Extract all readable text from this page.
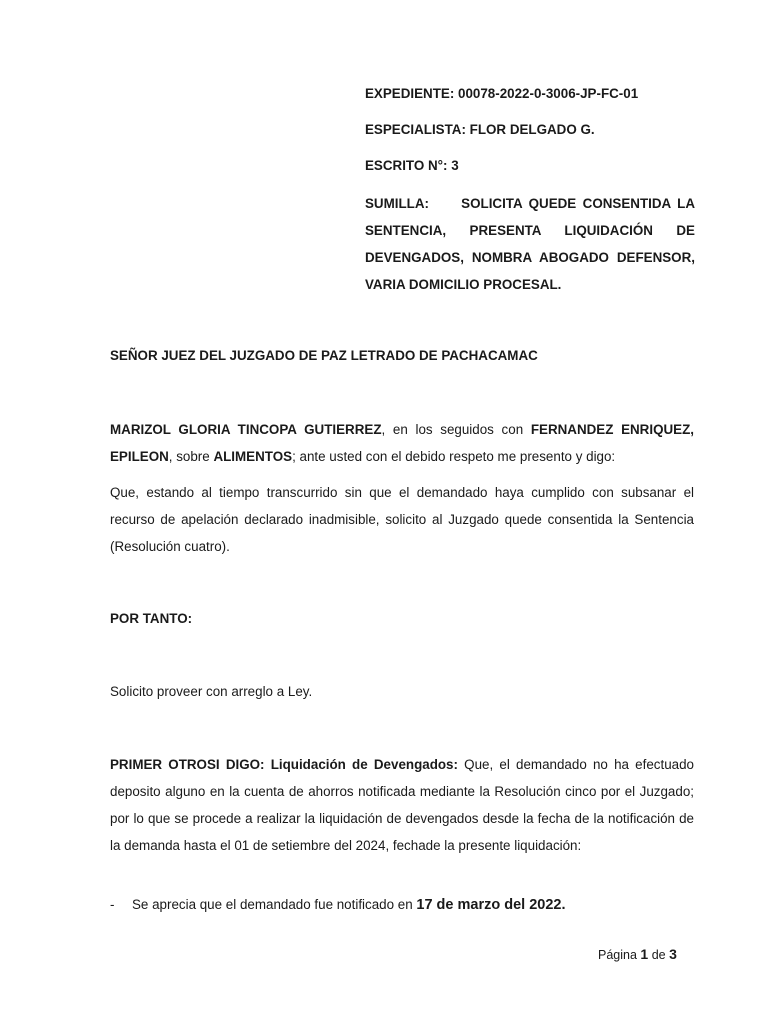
EXPEDIENTE: 00078-2022-0-3006-JP-FC-01
ESPECIALISTA: FLOR DELGADO G.
ESCRITO N°: 3
SUMILLA: SOLICITA QUEDE CONSENTIDA LA SENTENCIA, PRESENTA LIQUIDACIÓN DE DEVENGADOS, NOMBRA ABOGADO DEFENSOR, VARIA DOMICILIO PROCESAL.
SEÑOR JUEZ DEL JUZGADO DE PAZ LETRADO DE PACHACAMAC
MARIZOL GLORIA TINCOPA GUTIERREZ, en los seguidos con FERNANDEZ ENRIQUEZ, EPILEON, sobre ALIMENTOS; ante usted con el debido respeto me presento y digo:
Que, estando al tiempo transcurrido sin que el demandado haya cumplido con subsanar el recurso de apelación declarado inadmisible, solicito al Juzgado quede consentida la Sentencia (Resolución cuatro).
POR TANTO:
Solicito proveer con arreglo a Ley.
PRIMER OTROSI DIGO: Liquidación de Devengados: Que, el demandado no ha efectuado deposito alguno en la cuenta de ahorros notificada mediante la Resolución cinco por el Juzgado; por lo que se procede a realizar la liquidación de devengados desde la fecha de la notificación de la demanda hasta el 01 de setiembre del 2024, fechade la presente liquidación:
- Se aprecia que el demandado fue notificado en 17 de marzo del 2022.
Página 1 de 3
